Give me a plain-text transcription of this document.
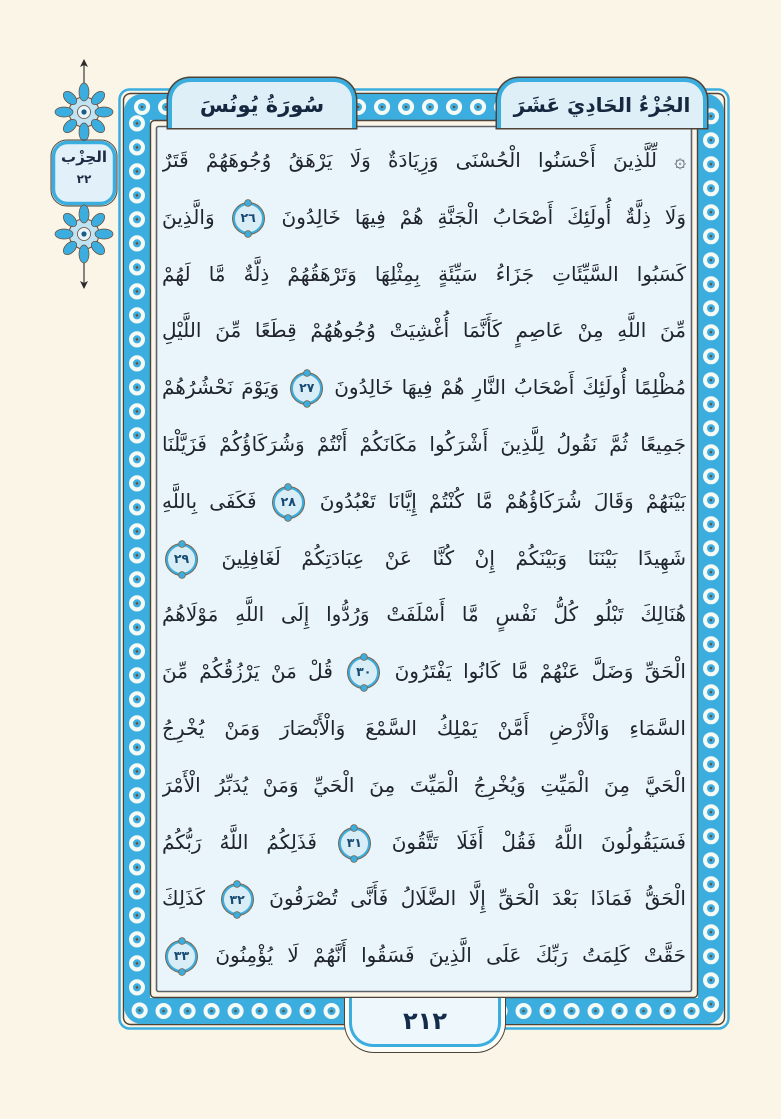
سُورَةُ يُونُسَ	الجُزْءُ الحَادِيَ عَشَرَ
الحِزْب
٢٢
۞ لِّلَّذِينَ أَحْسَنُوا الْحُسْنَى وَزِيَادَةٌ وَلَا يَرْهَقُ وُجُوهَهُمْ قَتَرٌ
وَلَا ذِلَّةٌ أُولَئِكَ أَصْحَابُ الْجَنَّةِ هُمْ فِيهَا خَالِدُونَ
٢٦
وَالَّذِينَ
كَسَبُوا السَّيِّئَاتِ جَزَاءُ سَيِّئَةٍ بِمِثْلِهَا وَتَرْهَقُهُمْ ذِلَّةٌ مَّا لَهُمْ
مِّنَ اللَّهِ مِنْ عَاصِمٍ كَأَنَّمَا أُغْشِيَتْ وُجُوهُهُمْ قِطَعًا مِّنَ اللَّيْلِ
مُظْلِمًا أُولَئِكَ أَصْحَابُ النَّارِ هُمْ فِيهَا خَالِدُونَ
٢٧
وَيَوْمَ نَحْشُرُهُمْ
جَمِيعًا ثُمَّ نَقُولُ لِلَّذِينَ أَشْرَكُوا مَكَانَكُمْ أَنْتُمْ وَشُرَكَاؤُكُمْ فَزَيَّلْنَا
بَيْنَهُمْ وَقَالَ شُرَكَاؤُهُمْ مَّا كُنْتُمْ إِيَّانَا تَعْبُدُونَ
٢٨
فَكَفَى بِاللَّهِ
شَهِيدًا بَيْنَنَا وَبَيْنَكُمْ إِنْ كُنَّا عَنْ عِبَادَتِكُمْ لَغَافِلِينَ
٢٩
هُنَالِكَ تَبْلُو كُلُّ نَفْسٍ مَّا أَسْلَفَتْ وَرُدُّوا إِلَى اللَّهِ مَوْلَاهُمُ
الْحَقِّ وَضَلَّ عَنْهُمْ مَّا كَانُوا يَفْتَرُونَ
٣٠
قُلْ مَنْ يَرْزُقُكُمْ مِّنَ
السَّمَاءِ وَالْأَرْضِ أَمَّنْ يَمْلِكُ السَّمْعَ وَالْأَبْصَارَ وَمَنْ يُخْرِجُ
الْحَيَّ مِنَ الْمَيِّتِ وَيُخْرِجُ الْمَيِّتَ مِنَ الْحَيِّ وَمَنْ يُدَبِّرُ الْأَمْرَ
فَسَيَقُولُونَ اللَّهُ فَقُلْ أَفَلَا تَتَّقُونَ
٣١
فَذَلِكُمُ اللَّهُ رَبُّكُمُ
الْحَقُّ فَمَاذَا بَعْدَ الْحَقِّ إِلَّا الضَّلَالُ فَأَنَّى تُصْرَفُونَ
٣٢
كَذَلِكَ
حَقَّتْ كَلِمَتُ رَبِّكَ عَلَى الَّذِينَ فَسَقُوا أَنَّهُمْ لَا يُؤْمِنُونَ
٣٣
٢١٢
